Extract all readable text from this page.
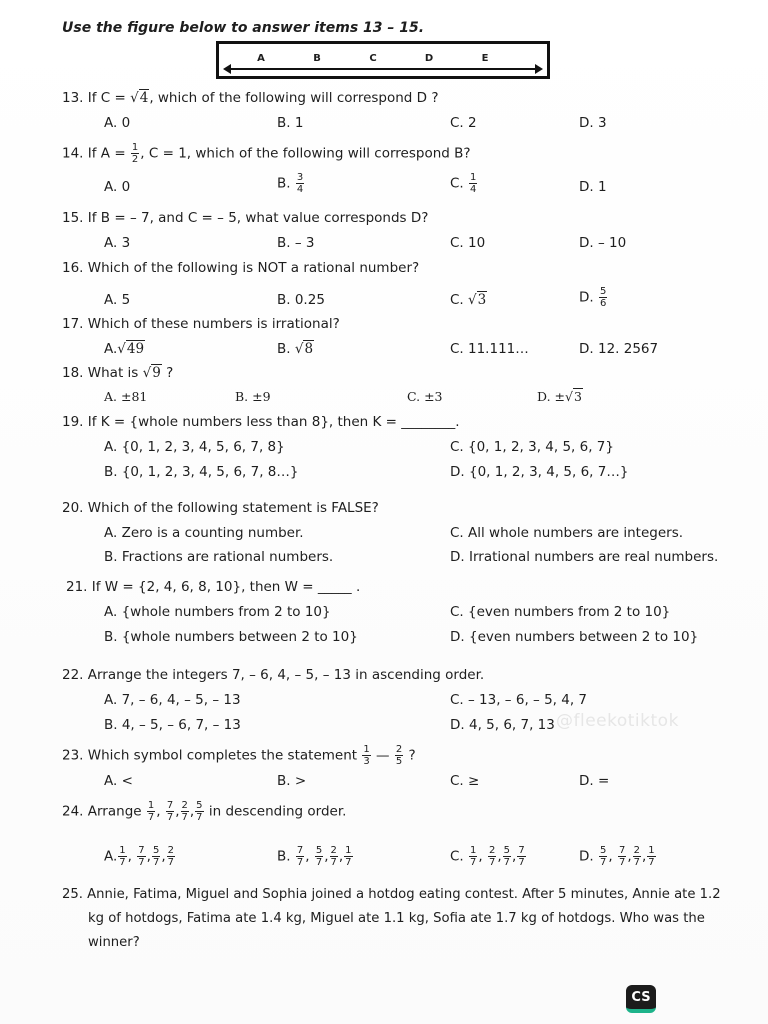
Use the figure below to answer items 13 – 15.
A	B	C	D	E
13. If C = √4, which of the following will correspond D ?
A. 0	B. 1	C. 2	D. 3
14. If $A = \frac{1}{2}$ , C = 1, which of the following will correspond B?
A. 0	B. $\frac{3}{4}$	C. $\frac{1}{4}$	D. 1
15. If B = – 7, and C = – 5, what value corresponds D?
A. 3	B. – 3	C. 10	D. – 10
16. Which of the following is NOT a rational number?
A. 5	B. 0.25	C. √3	D. $\frac{5}{6}$
17. Which of these numbers is irrational?
A.√49	B. √8	C. 11.111…	D. 12. 2567
18. What is √9 ?
A. ±81	B. ±9	C. ±3	D. ±√3
19. If K = {whole numbers less than 8}, then K = ________.
A. {0, 1, 2, 3, 4, 5, 6, 7, 8}	C. {0, 1, 2, 3, 4, 5, 6, 7}
B. {0, 1, 2, 3, 4, 5, 6, 7, 8…}	D. {0, 1, 2, 3, 4, 5, 6, 7…}
20. Which of the following statement is FALSE?
A. Zero is a counting number.	C. All whole numbers are integers.
B. Fractions are rational numbers.	D. Irrational numbers are real numbers.
21. If W = {2, 4, 6, 8, 10}, then W = _____ .
A. {whole numbers from 2 to 10}	C. {even numbers from 2 to 10}
B. {whole numbers between 2 to 10}	D. {even numbers between 2 to 10}
22. Arrange the integers 7, – 6, 4, – 5, – 13 in ascending order.
A. 7, – 6, 4, – 5, – 13	C. – 13, – 6, – 5, 4, 7
B. 4, – 5, – 6, 7, – 13	D. 4, 5, 6, 7, 13 @fleekotiktok
23. Which symbol completes the statement $\frac{1}{3}$ — $\frac{2}{5}$ ?
A. <	B. >	C. ≥	D. =
24. Arrange $\frac{1}{7}$ , $\frac{7}{7}$ , $\frac{2}{7}$ , $\frac{5}{7}$ in descending order.
A. $\frac{1}{7}$ , $\frac{7}{7}$ , $\frac{5}{7}$ , $\frac{2}{7}$	B. $\frac{7}{7}$ , $\frac{5}{7}$ , $\frac{2}{7}$ , $\frac{1}{7}$	C. $\frac{1}{7}$ , $\frac{2}{7}$ , $\frac{5}{7}$ , $\frac{7}{7}$	D. $\frac{5}{7}$ , $\frac{7}{7}$ , $\frac{2}{7}$ , $\frac{1}{7}$
25. Annie, Fatima, Miguel and Sophia joined a hotdog eating contest. After 5 minutes, Annie ate 1.2
kg of hotdogs, Fatima ate 1.4 kg, Miguel ate 1.1 kg, Sofia ate 1.7 kg of hotdogs. Who was the
winner?
CS
